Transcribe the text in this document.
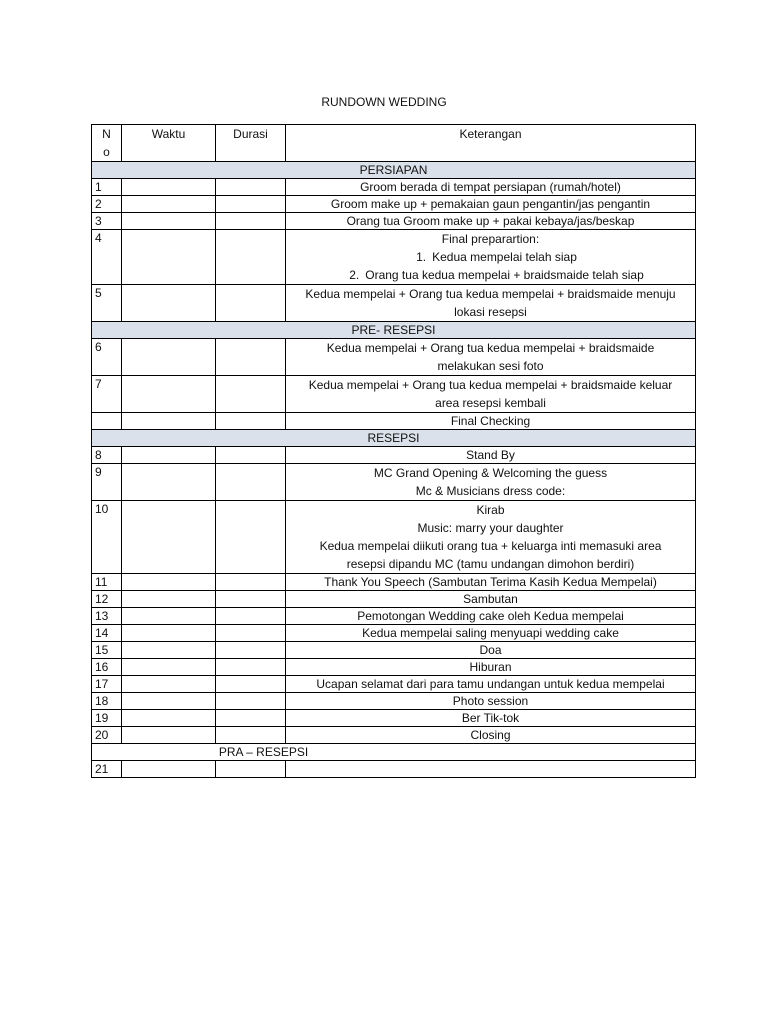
RUNDOWN WEDDING
N
o	Waktu	Durasi	Keterangan
PERSIAPAN			
1			Groom berada di tempat persiapan (rumah/hotel)
2			Groom make up + pemakaian gaun pengantin/jas pengantin
3			Orang tua Groom make up + pakai kebaya/jas/beskap
4			Final preparartion:
1. Kedua mempelai telah siap
2. Orang tua kedua mempelai + braidsmaide telah siap

5			Kedua mempelai + Orang tua kedua mempelai + braidsmaide menuju
lokasi resepsi

PRE- RESEPSI			
6			Kedua mempelai + Orang tua kedua mempelai + braidsmaide
melakukan sesi foto

7			Kedua mempelai + Orang tua kedua mempelai + braidsmaide keluar
area resepsi kembali

			Final Checking
RESEPSI			
8			Stand By
9			MC Grand Opening & Welcoming the guess
Mc & Musicians dress code:

10			Kirab
Music: marry your daughter
Kedua mempelai diikuti orang tua + keluarga inti memasuki area
resepsi dipandu MC (tamu undangan dimohon berdiri)

11			Thank You Speech (Sambutan Terima Kasih Kedua Mempelai)
12			Sambutan
13			Pemotongan Wedding cake oleh Kedua mempelai
14			Kedua mempelai saling menyuapi wedding cake
15			Doa
16			Hiburan
17			Ucapan selamat dari para tamu undangan untuk kedua mempelai
18			Photo session
19			Ber Tik-tok
20			Closing
PRA – RESEPSI			
21			
